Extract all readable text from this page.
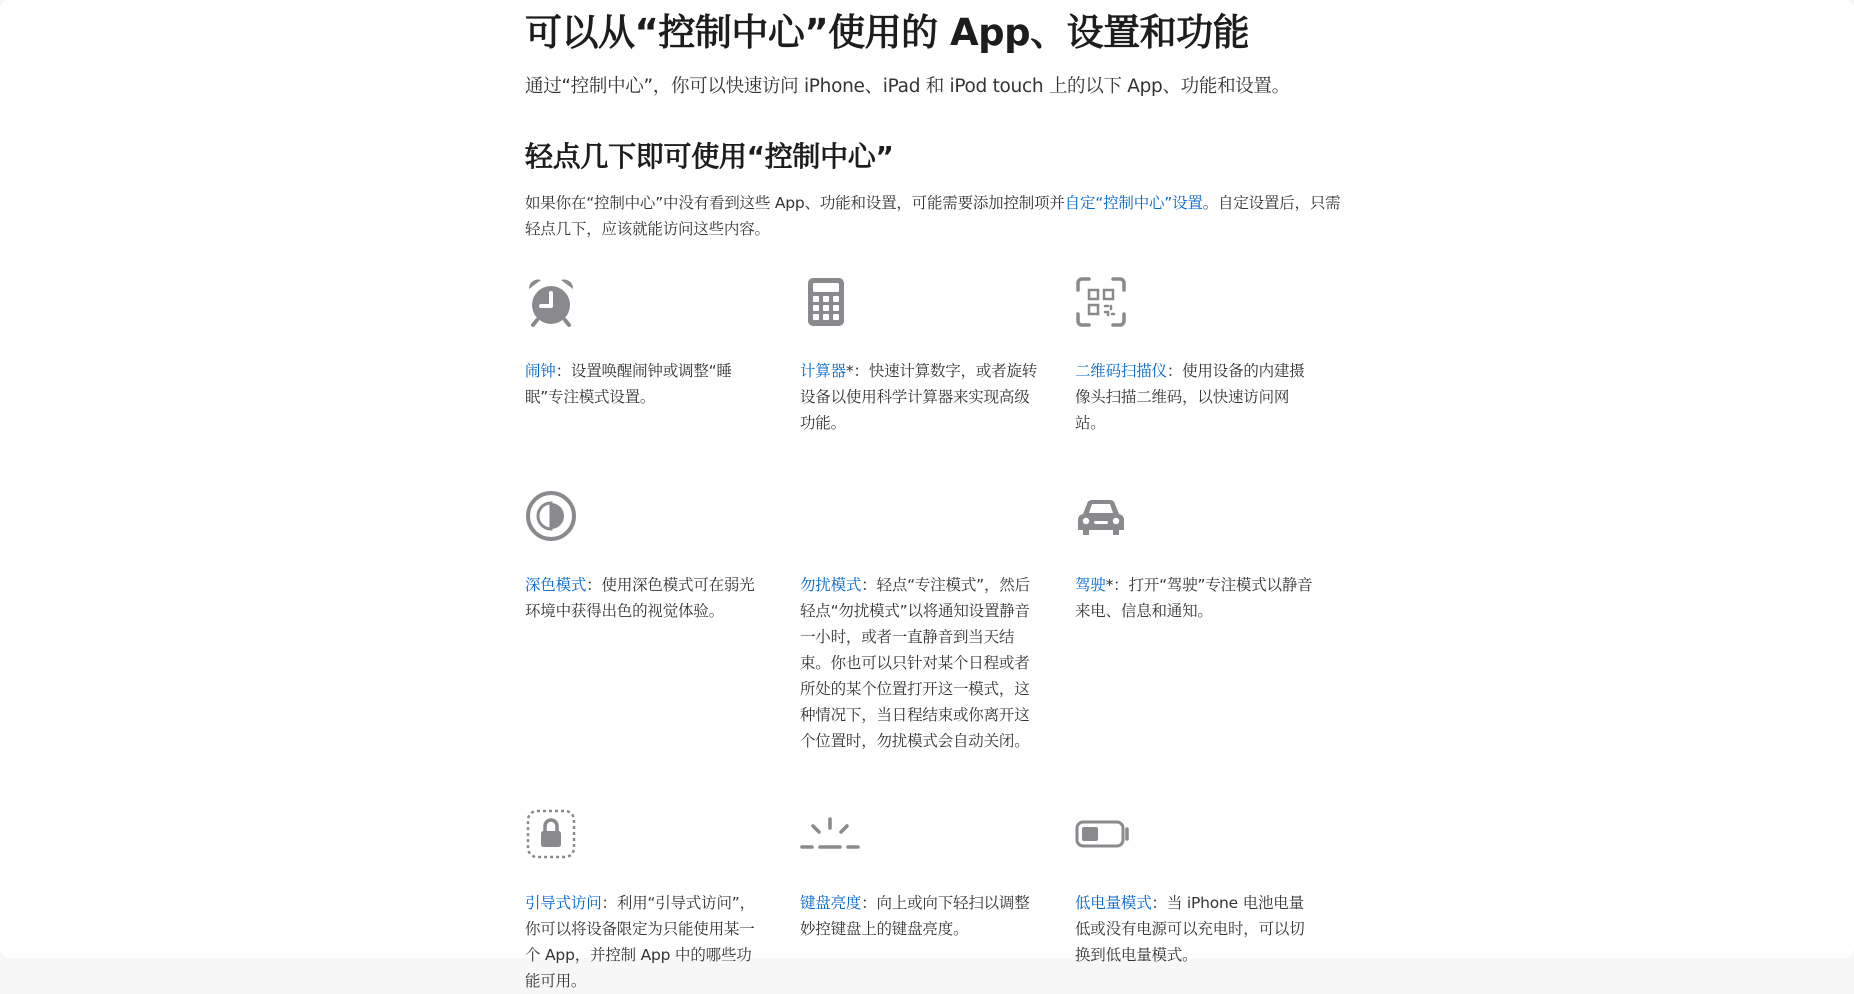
可以从“控制中心”使用的 App、设置和功能

通过“控制中心”，你可以快速访问 iPhone、iPad 和 iPod touch 上的以下 App、功能和设置。

轻点几下即可使用“控制中心”

如果你在“控制中心”中没有看到这些 App、功能和设置，可能需要添加控制项并自定“控制中心”设置。自定设置后，只需轻点几下，应该就能访问这些内容。

闹钟：设置唤醒闹钟或调整“睡眠”专注模式设置。
计算器*：快速计算数字，或者旋转设备以使用科学计算器来实现高级功能。
二维码扫描仪：使用设备的内建摄像头扫描二维码，以快速访问网站。
深色模式：使用深色模式可在弱光环境中获得出色的视觉体验。
勿扰模式：轻点“专注模式”，然后轻点“勿扰模式”以将通知设置静音一小时，或者一直静音到当天结束。你也可以只针对某个日程或者所处的某个位置打开这一模式，这种情况下，当日程结束或你离开这个位置时，勿扰模式会自动关闭。
驾驶*：打开“驾驶”专注模式以静音来电、信息和通知。
引导式访问：利用“引导式访问”，你可以将设备限定为只能使用某一个 App，并控制 App 中的哪些功能可用。
键盘亮度：向上或向下轻扫以调整妙控键盘上的键盘亮度。
低电量模式：当 iPhone 电池电量低或没有电源可以充电时，可以切换到低电量模式。
